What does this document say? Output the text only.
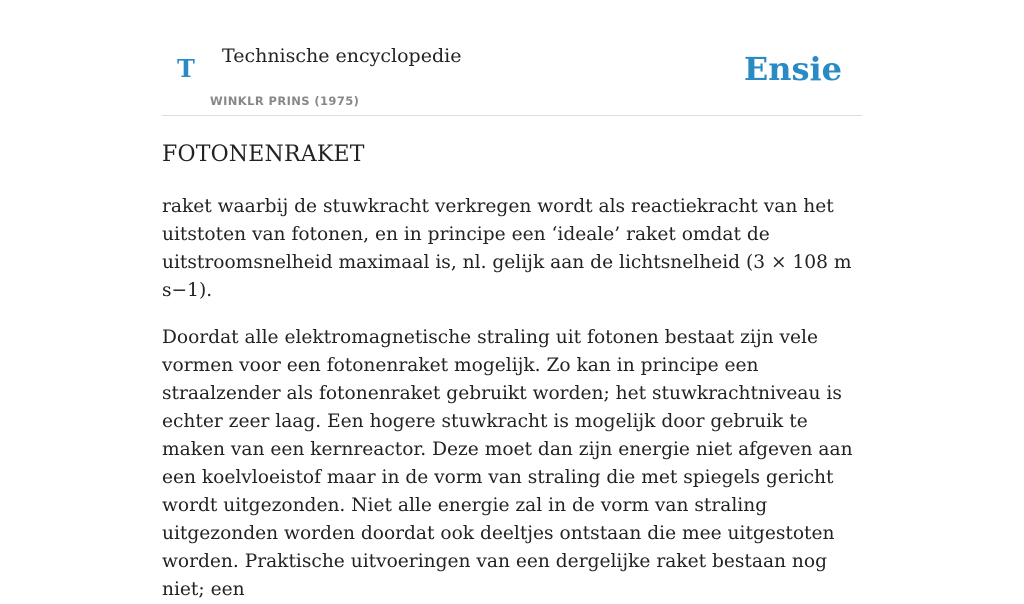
T Technische encyclopedie
WINKLR PRINS (1975)
Ensie
FOTONENRAKET

raket waarbij de stuwkracht verkregen wordt als reactiekracht van het uitstoten van fotonen, en in principe een ‘ideale’ raket omdat de uitstroomsnelheid maximaal is, nl. gelijk aan de lichtsnelheid (3 × 108 m s−1).

Doordat alle elektromagnetische straling uit fotonen bestaat zijn vele vormen voor een fotonenraket mogelijk. Zo kan in principe een straalzender als fotonenraket gebruikt worden; het stuwkrachtniveau is echter zeer laag. Een hogere stuwkracht is mogelijk door gebruik te maken van een kernreactor. Deze moet dan zijn energie niet afgeven aan een koelvloeistof maar in de vorm van straling die met spiegels gericht wordt uitgezonden. Niet alle energie zal in de vorm van straling uitgezonden worden doordat ook deeltjes ontstaan die mee uitgestoten worden. Praktische uitvoeringen van een dergelijke raket bestaan nog niet; een
